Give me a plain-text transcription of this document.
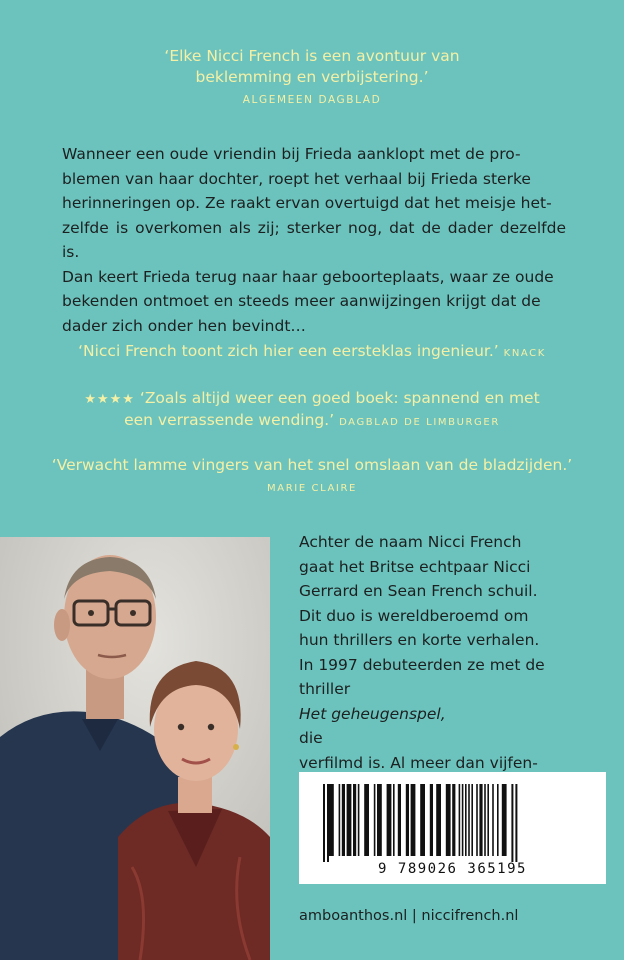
‘Elke Nicci French is een avontuur van
beklemming en verbijstering.’
ALGEMEEN DAGBLAD

Wanneer een oude vriendin bij Frieda aanklopt met de pro-
blemen van haar dochter, roept het verhaal bij Frieda sterke
herinneringen op. Ze raakt ervan overtuigd dat het meisje het-
zelfde is overkomen als zij; sterker nog, dat de dader dezelfde is.
Dan keert Frieda terug naar haar geboorteplaats, waar ze oude
bekenden ontmoet en steeds meer aanwijzingen krijgt dat de
dader zich onder hen bevindt…

‘Nicci French toont zich hier een eersteklas ingenieur.’ KNACK
★★★★ ‘Zoals altijd weer een goed boek: spannend en met
een verrassende wending.’ DAGBLAD DE LIMBURGER
‘Verwacht lamme vingers van het snel omslaan van de bladzijden.’
MARIE CLAIRE

Achter de naam Nicci French
gaat het Britse echtpaar Nicci
Gerrard en Sean French schuil.
Dit duo is wereldberoemd om
hun thrillers en korte verhalen.
In 1997 debuteerden ze met de
thriller
Het geheugenspel,
die
verfilmd is. Al meer dan vijfen-

9 789026 365195
amboanthos.nl | niccifrench.nl
